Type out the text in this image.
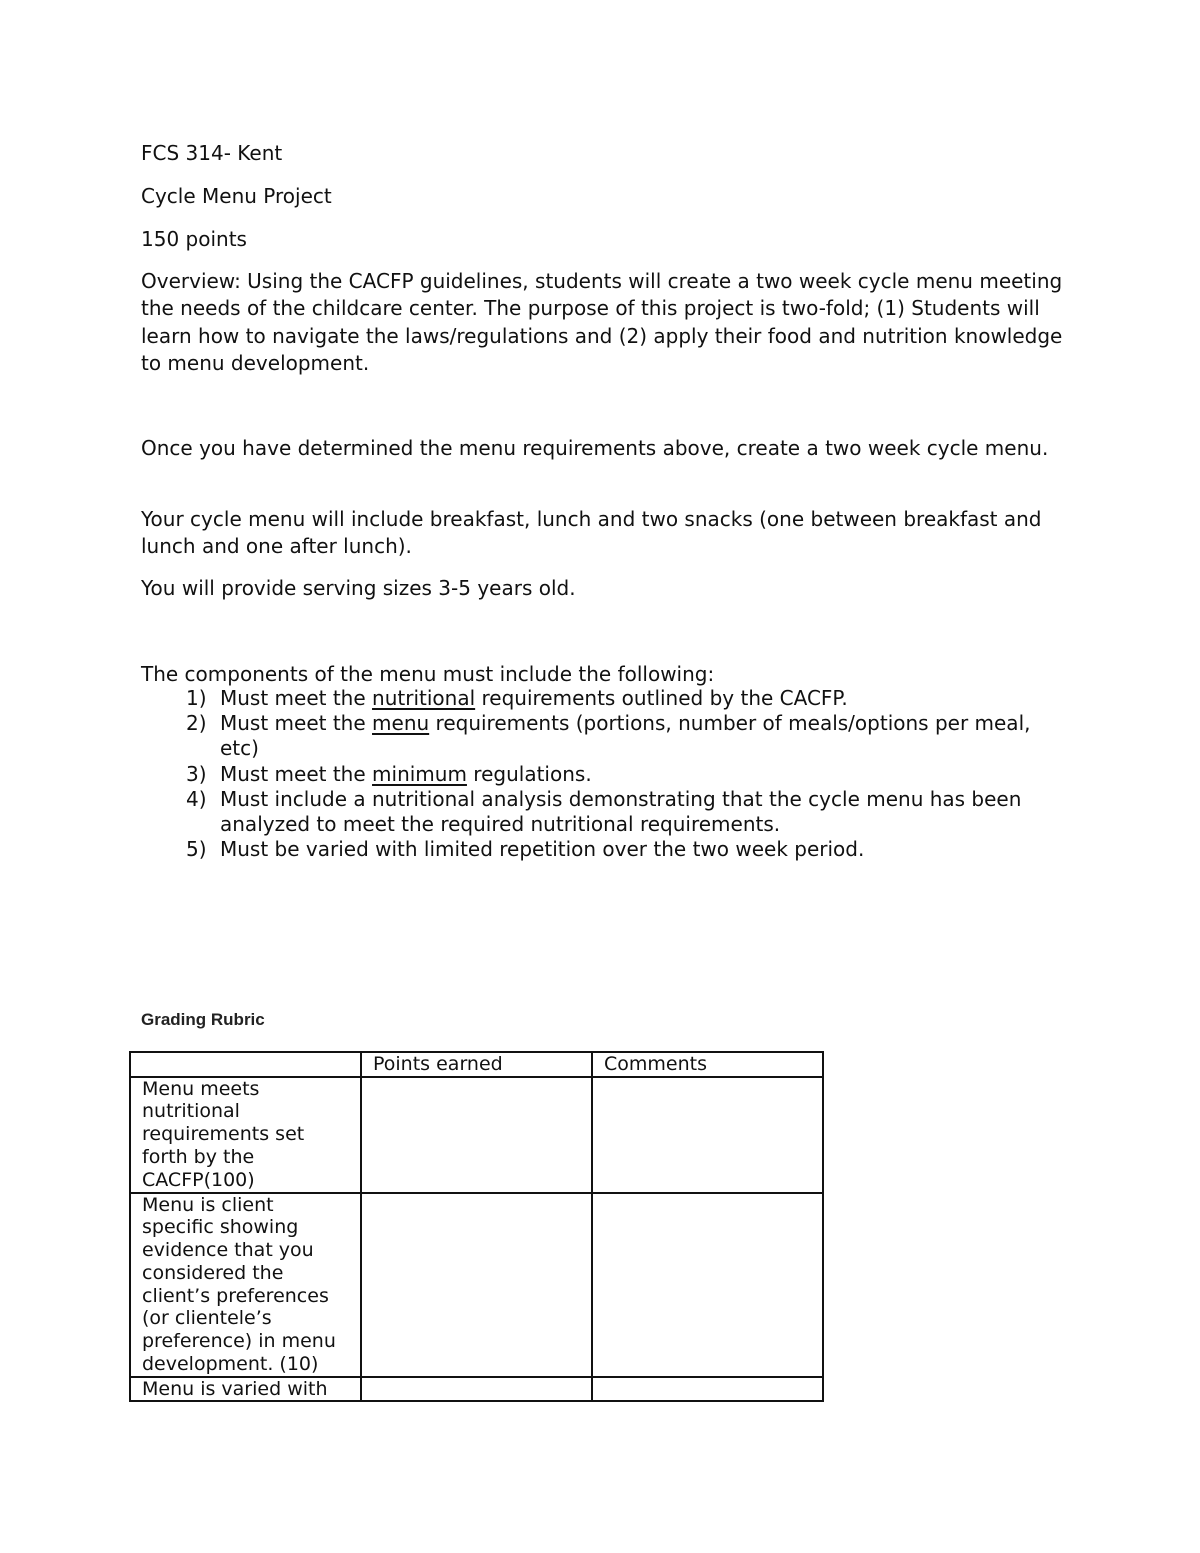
FCS 314- Kent

Cycle Menu Project

150 points

Overview: Using the CACFP guidelines, students will create a two week cycle menu meeting the needs of the childcare center. The purpose of this project is two-fold; (1) Students will learn how to navigate the laws/regulations and (2) apply their food and nutrition knowledge to menu development.

Once you have determined the menu requirements above, create a two week cycle menu.

Your cycle menu will include breakfast, lunch and two snacks (one between breakfast and lunch and one after lunch).

You will provide serving sizes 3-5 years old.

The components of the menu must include the following:

1) Must meet the nutritional requirements outlined by the CACFP.
2) Must meet the menu requirements (portions, number of meals/options per meal, etc)
3) Must meet the minimum regulations.
4) Must include a nutritional analysis demonstrating that the cycle menu has been analyzed to meet the required nutritional requirements.
5) Must be varied with limited repetition over the two week period.

Grading Rubric

	Points earned	Comments
Menu meets nutritional requirements set forth by the CACFP(100)		
Menu is client specific showing evidence that you considered the client’s preferences (or clientele’s preference) in menu development. (10)		
Menu is varied with		
